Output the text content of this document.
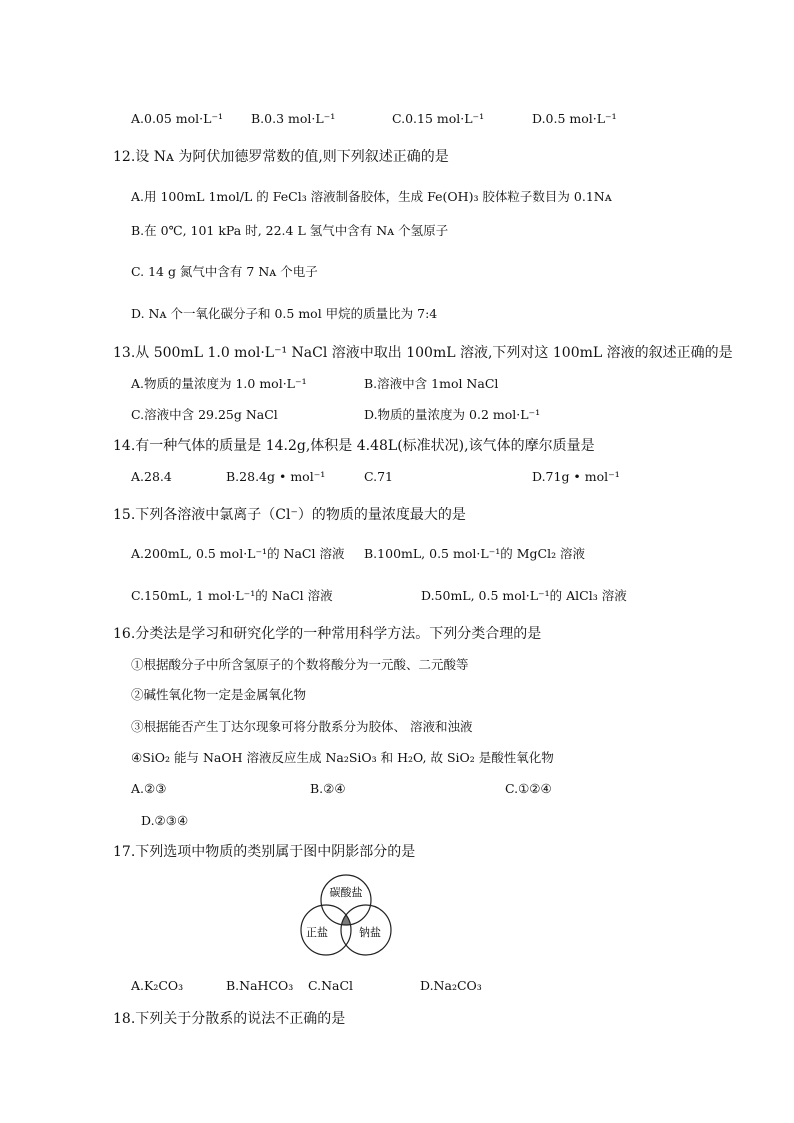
A.0.05 mol·L⁻¹ B.0.3 mol·L⁻¹	C.0.15 mol·L⁻¹	D.0.5 mol·L⁻¹
12.设 Nᴀ 为阿伏加德罗常数的值,则下列叙述正确的是
A.用 100mL 1mol/L 的 FeCl₃ 溶液制备胶体，生成 Fe(OH)₃ 胶体粒子数目为 0.1Nᴀ
B.在 0℃, 101 kPa 时, 22.4 L 氢气中含有 Nᴀ 个氢原子
C. 14 g 氮气中含有 7 Nᴀ 个电子
D. Nᴀ 个一氧化碳分子和 0.5 mol 甲烷的质量比为 7:4
13.从 500mL 1.0 mol·L⁻¹ NaCl 溶液中取出 100mL 溶液,下列对这 100mL 溶液的叙述正确的是
A.物质的量浓度为 1.0 mol·L⁻¹	B.溶液中含 1mol NaCl
C.溶液中含 29.25g NaCl	D.物质的量浓度为 0.2 mol·L⁻¹
14.有一种气体的质量是 14.2g,体积是 4.48L(标准状况),该气体的摩尔质量是
A.28.4	B.28.4g • mol⁻¹	C.71	D.71g • mol⁻¹
15.下列各溶液中氯离子（Cl⁻）的物质的量浓度最大的是
A.200mL, 0.5 mol·L⁻¹的 NaCl 溶液 B.100mL, 0.5 mol·L⁻¹的 MgCl₂ 溶液
C.150mL, 1 mol·L⁻¹的 NaCl 溶液	D.50mL, 0.5 mol·L⁻¹的 AlCl₃ 溶液
16.分类法是学习和研究化学的一种常用科学方法。下列分类合理的是
①根据酸分子中所含氢原子的个数将酸分为一元酸、二元酸等
②碱性氧化物一定是金属氧化物
③根据能否产生丁达尔现象可将分散系分为胶体、 溶液和浊液
④SiO₂ 能与 NaOH 溶液反应生成 Na₂SiO₃ 和 H₂O, 故 SiO₂ 是酸性氧化物
A.②③	B.②④	C.①②④
D.②③④
17.下列选项中物质的类别属于图中阴影部分的是
碳酸盐
正盐	钠盐
A.K₂CO₃	B.NaHCO₃ C.NaCl	D.Na₂CO₃
18.下列关于分散系的说法不正确的是
